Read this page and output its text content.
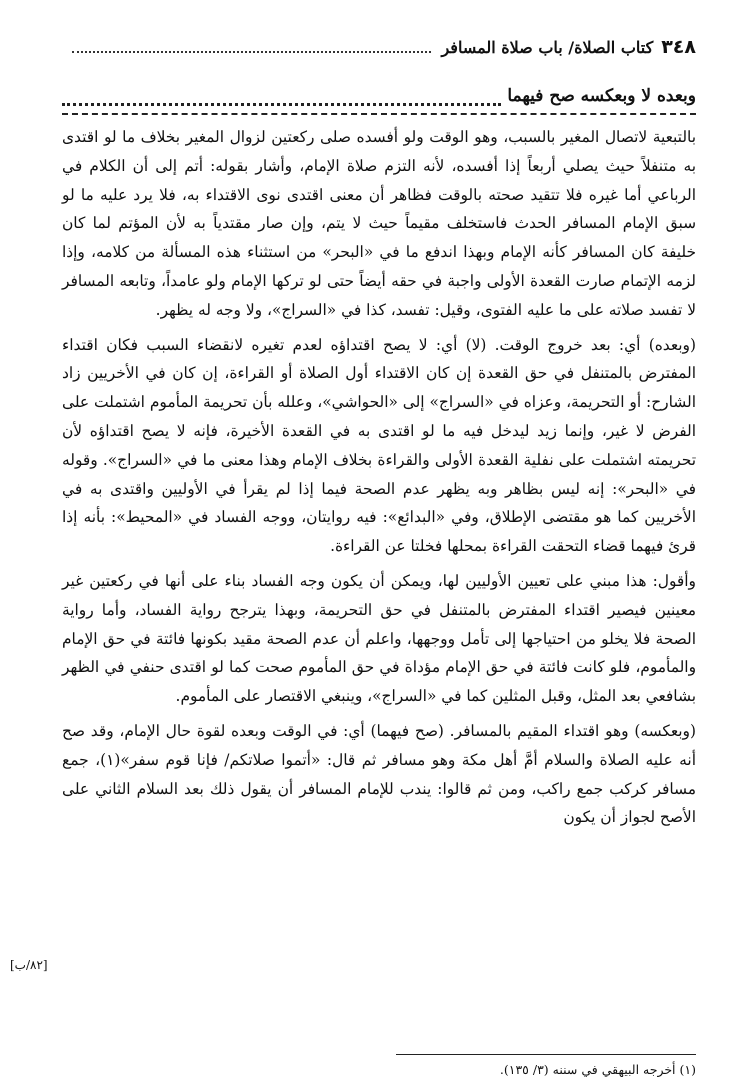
٣٤٨
كتاب الصلاة/ باب صلاة المسافر
وبعده لا وبعكسه صح فيهما

بالتبعية لاتصال المغير بالسبب، وهو الوقت ولو أفسده صلى ركعتين لزوال المغير بخلاف ما لو اقتدى به متنفلاً حيث يصلي أربعاً إذا أفسده، لأنه التزم صلاة الإمام، وأشار بقوله: أتم إلى أن الكلام في الرباعي أما غيره فلا تتقيد صحته بالوقت فظاهر أن معنى اقتدى نوى الاقتداء به، فلا يرد عليه ما لو سبق الإمام المسافر الحدث فاستخلف مقيماً حيث لا يتم، وإن صار مقتدياً به لأن المؤتم لما كان خليفة كان المسافر كأنه الإمام وبهذا اندفع ما في «البحر» من استثناء هذه المسألة من كلامه، وإذا لزمه الإتمام صارت القعدة الأولى واجبة في حقه أيضاً حتى لو تركها الإمام ولو عامداً، وتابعه المسافر لا تفسد صلاته على ما عليه الفتوى، وقيل: تفسد، كذا في «السراج»، ولا وجه له يظهر.

(وبعده) أي: بعد خروج الوقت. (لا) أي: لا يصح اقتداؤه لعدم تغيره لانقضاء السبب فكان اقتداء المفترض بالمتنفل في حق القعدة إن كان الاقتداء أول الصلاة أو القراءة، إن كان في الأخريين زاد الشارح: أو التحريمة، وعزاه في «السراج» إلى «الحواشي»، وعلله بأن تحريمة المأموم اشتملت على الفرض لا غير، وإنما زيد ليدخل فيه ما لو اقتدى به في القعدة الأخيرة، فإنه لا يصح اقتداؤه لأن تحريمته اشتملت على نفلية القعدة الأولى والقراءة بخلاف الإمام وهذا معنى ما في «السراج». وقوله في «البحر»: إنه ليس بظاهر وبه يظهر عدم الصحة فيما إذا لم يقرأ في الأوليين واقتدى به في الأخريين كما هو مقتضى الإطلاق، وفي «البدائع»: فيه روايتان، ووجه الفساد في «المحيط»: بأنه إذا قرئ فيهما قضاء التحقت القراءة بمحلها فخلتا عن القراءة.

وأقول: هذا مبني على تعيين الأوليين لها، ويمكن أن يكون وجه الفساد بناء على أنها في ركعتين غير معينين فيصير اقتداء المفترض بالمتنفل في حق التحريمة، وبهذا يترجح رواية الفساد، وأما رواية الصحة فلا يخلو من احتياجها إلى تأمل ووجهها، واعلم أن عدم الصحة مقيد بكونها فائتة في حق الإمام والمأموم، فلو كانت فائتة في حق الإمام مؤداة في حق المأموم صحت كما لو اقتدى حنفي في الظهر بشافعي بعد المثل، وقبل المثلين كما في «السراج»، وينبغي الاقتصار على المأموم.

(وبعكسه) وهو اقتداء المقيم بالمسافر. (صح فيهما) أي: في الوقت وبعده لقوة حال الإمام، وقد صح أنه عليه الصلاة والسلام أمَّ أهل مكة وهو مسافر ثم قال: «أتموا صلاتكم/ فإنا قوم سفر»(١)، جمع مسافر كركب جمع راكب، ومن ثم قالوا: يندب للإمام المسافر أن يقول ذلك بعد السلام الثاني على الأصح لجواز أن يكون

[٨٢/ب]
(١) أخرجه البيهقي في سننه (٣/ ١٣٥).
